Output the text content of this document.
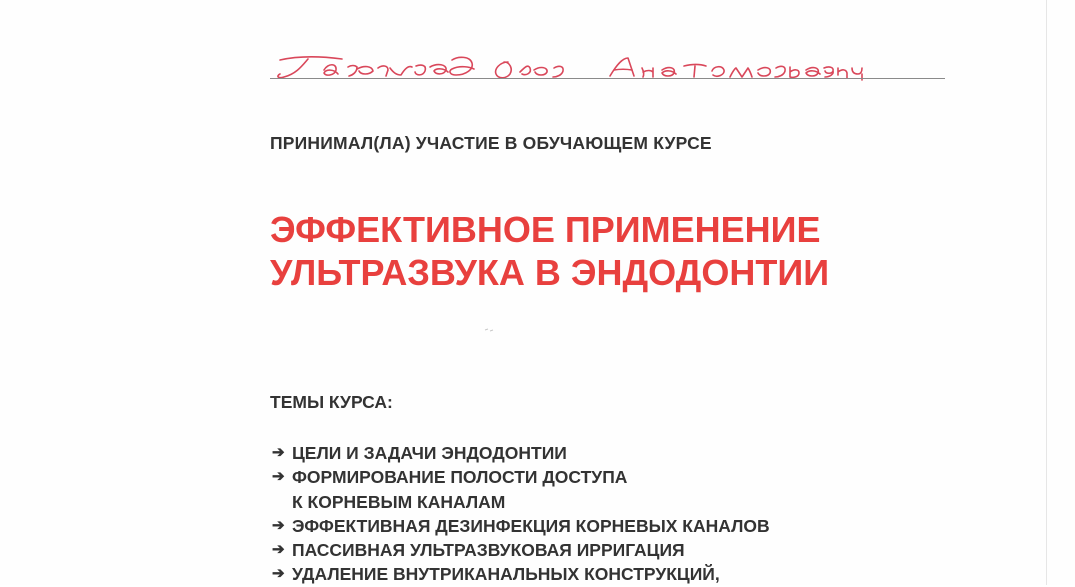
ПРИНИМАЛ(ЛА) УЧАСТИЕ В ОБУЧАЮЩЕМ КУРСЕ

ЭФФЕКТИВНОЕ ПРИМЕНЕНИЕ
УЛЬТРАЗВУКА В ЭНДОДОНТИИ
ТЕМЫ КУРСА:
➔ ЦЕЛИ И ЗАДАЧИ ЭНДОДОНТИИ
➔ ФОРМИРОВАНИЕ ПОЛОСТИ ДОСТУПА
К КОРНЕВЫМ КАНАЛАМ
➔ ЭФФЕКТИВНАЯ ДЕЗИНФЕКЦИЯ КОРНЕВЫХ КАНАЛОВ
➔ ПАССИВНАЯ УЛЬТРАЗВУКОВАЯ ИРРИГАЦИЯ
➔ УДАЛЕНИЕ ВНУТРИКАНАЛЬНЫХ КОНСТРУКЦИЙ,
